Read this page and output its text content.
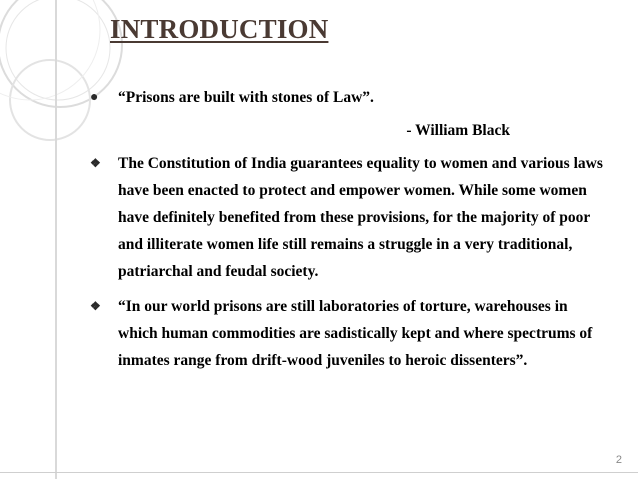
INTRODUCTION
●	“Prisons are built with stones of Law”.

- William Black
❖	The Constitution of India guarantees equality to women and various laws have been enacted to protect and empower women. While some women have definitely benefited from these provisions, for the majority of poor and illiterate women life still remains a struggle in a very traditional, patriarchal and feudal society.

❖	“In our world prisons are still laboratories of torture, warehouses in which human commodities are sadistically kept and where spectrums of inmates range from drift-wood juveniles to heroic dissenters”.

2
